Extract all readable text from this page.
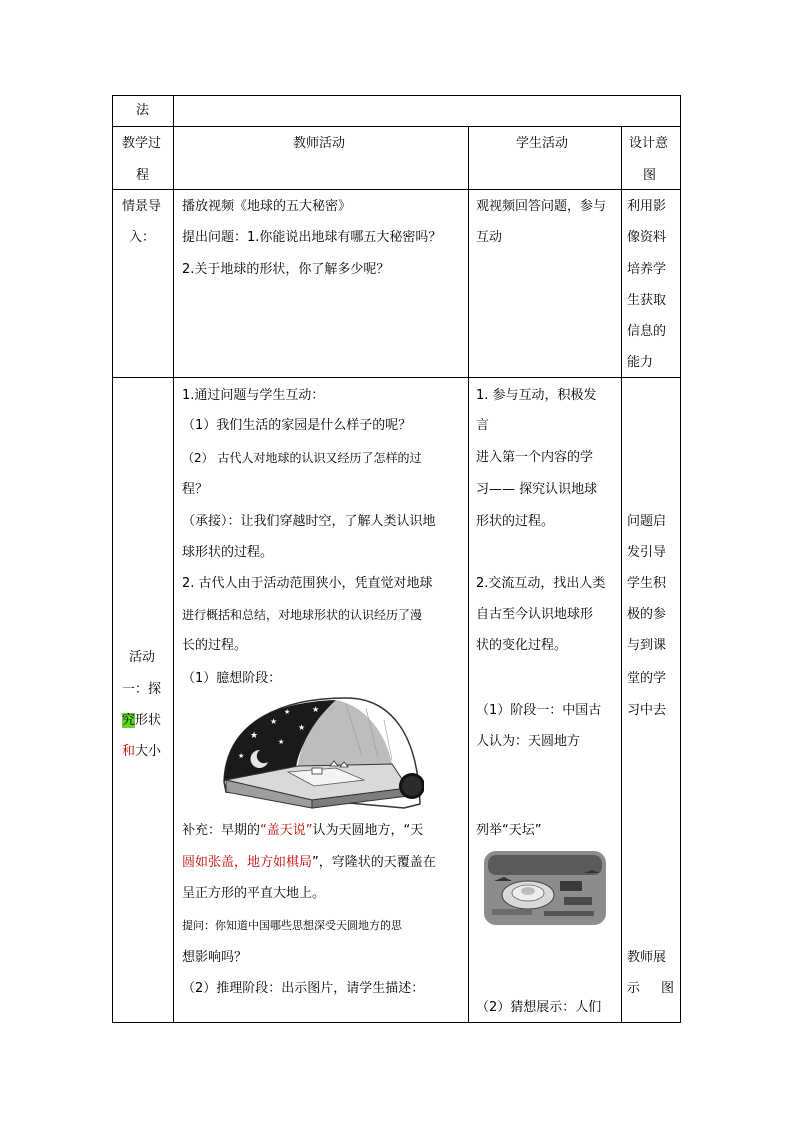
法
教学过
程
教师活动	学生活动	设计意
图
情景导
入：
播放视频《地球的五大秘密》
提出问题：1.你能说出地球有哪五大秘密吗？
2.关于地球的形状，你了解多少呢？
观视频回答问题，参与
互动
利用影
像资料
培养学
生获取
信息的
能力
活动
一：探
究形状
和大小
1.通过问题与学生互动：
（1）我们生活的家园是什么样子的呢？
（2） 古代人对地球的认识又经历了怎样的过
程？
（承接）：让我们穿越时空，了解人类认识地
球形状的过程。
2. 古代人由于活动范围狭小，凭直觉对地球
进行概括和总结，对地球形状的认识经历了漫
长的过程。
（1）臆想阶段：
★
★
★
★
★
★
★
补充：早期的“盖天说”认为天圆地方，“天
圆如张盖，地方如棋局”，穹隆状的天覆盖在
呈正方形的平直大地上。
提问：你知道中国哪些思想深受天圆地方的思
想影响吗？
（2）推理阶段：出示图片，请学生描述：
1. 参与互动，积极发
言
进入第一个内容的学
习—— 探究认识地球
形状的过程。
2.交流互动，找出人类
自古至今认识地球形
状的变化过程。
（1）阶段一：中国古
人认为：天圆地方
列举“天坛”
（2）猜想展示：人们
问题启
发引导
学生积
极的参
与到课
堂的学
习中去
教师展
示 图
